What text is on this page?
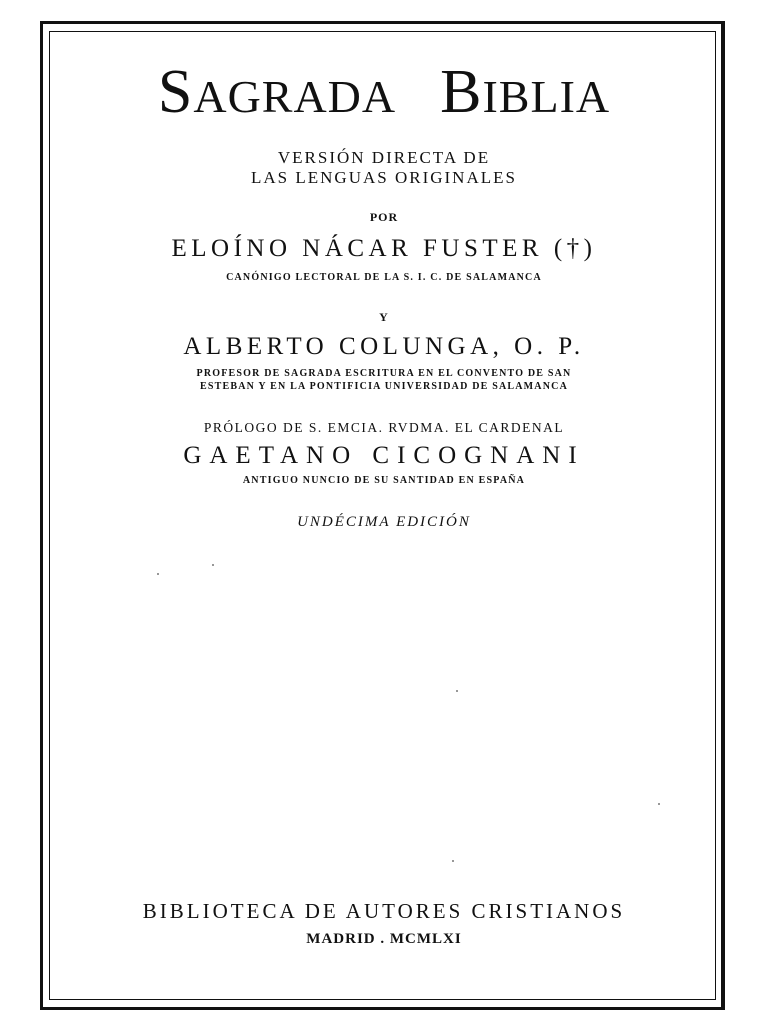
SAGRADA BIBLIA

VERSIÓN DIRECTA DE

LAS LENGUAS ORIGINALES

POR

ELOÍNO NÁCAR FUSTER (†)

CANÓNIGO LECTORAL DE LA S. I. C. DE SALAMANCA

Y

ALBERTO COLUNGA, O. P.

PROFESOR DE SAGRADA ESCRITURA EN EL CONVENTO DE SAN

ESTEBAN Y EN LA PONTIFICIA UNIVERSIDAD DE SALAMANCA

PRÓLOGO DE S. EMCIA. RVDMA. EL CARDENAL

GAETANO CICOGNANI

ANTIGUO NUNCIO DE SU SANTIDAD EN ESPAÑA

UNDÉCIMA EDICIÓN

BIBLIOTECA DE AUTORES CRISTIANOS

MADRID . MCMLXI
